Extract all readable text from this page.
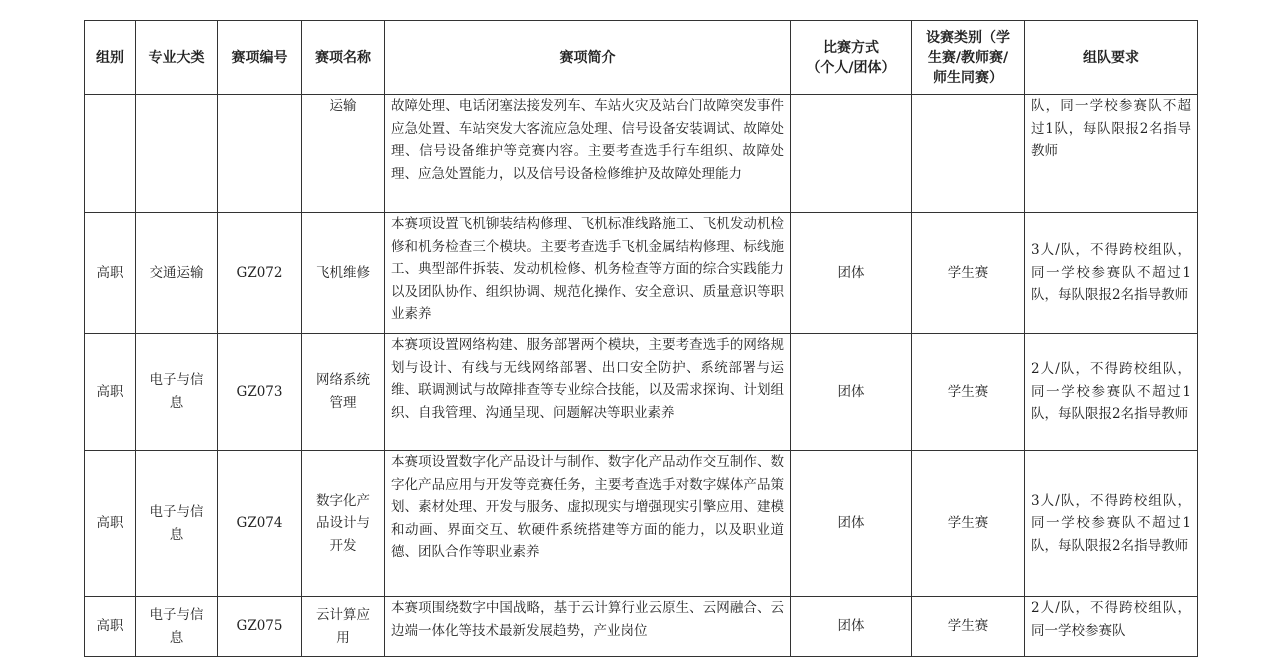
组别	专业大类	赛项编号	赛项名称	赛项简介	比赛方式
（个人/团体）	设赛类别（学
生赛/教师赛/
师生同赛）	组队要求

			运输	故障处理、电话闭塞法接发列车、车站火灾及站台门故障突发事件应急处置、车站突发大客流应急处理、信号设备安装调试、故障处理、信号设备维护等竞赛内容。主要考查选手行车组织、故障处理、应急处置能力，以及信号设备检修维护及故障处理能力			队，同一学校参赛队不超过1队，每队限报2名指导教师
高职	交通运输	GZ072	飞机维修	本赛项设置飞机铆装结构修理、飞机标准线路施工、飞机发动机检修和机务检查三个模块。主要考查选手飞机金属结构修理、标线施工、典型部件拆装、发动机检修、机务检查等方面的综合实践能力以及团队协作、组织协调、规范化操作、安全意识、质量意识等职业素养	团体	学生赛	3人/队，不得跨校组队，同一学校参赛队不超过1队，每队限报2名指导教师
高职	电子与信
息	GZ073	网络系统
管理	本赛项设置网络构建、服务部署两个模块，主要考查选手的网络规划与设计、有线与无线网络部署、出口安全防护、系统部署与运维、联调测试与故障排查等专业综合技能，以及需求探询、计划组织、自我管理、沟通呈现、问题解决等职业素养	团体	学生赛	2人/队，不得跨校组队，同一学校参赛队不超过1队，每队限报2名指导教师
高职	电子与信
息	GZ074	数字化产
品设计与
开发	本赛项设置数字化产品设计与制作、数字化产品动作交互制作、数字化产品应用与开发等竞赛任务，主要考查选手对数字媒体产品策划、素材处理、开发与服务、虚拟现实与增强现实引擎应用、建模和动画、界面交互、软硬件系统搭建等方面的能力，以及职业道德、团队合作等职业素养	团体	学生赛	3人/队，不得跨校组队，同一学校参赛队不超过1队，每队限报2名指导教师
高职	电子与信
息	GZ075	云计算应
用	本赛项围绕数字中国战略，基于云计算行业云原生、云网融合、云边端一体化等技术最新发展趋势，产业岗位	团体	学生赛	2人/队，不得跨校组队，同一学校参赛队
